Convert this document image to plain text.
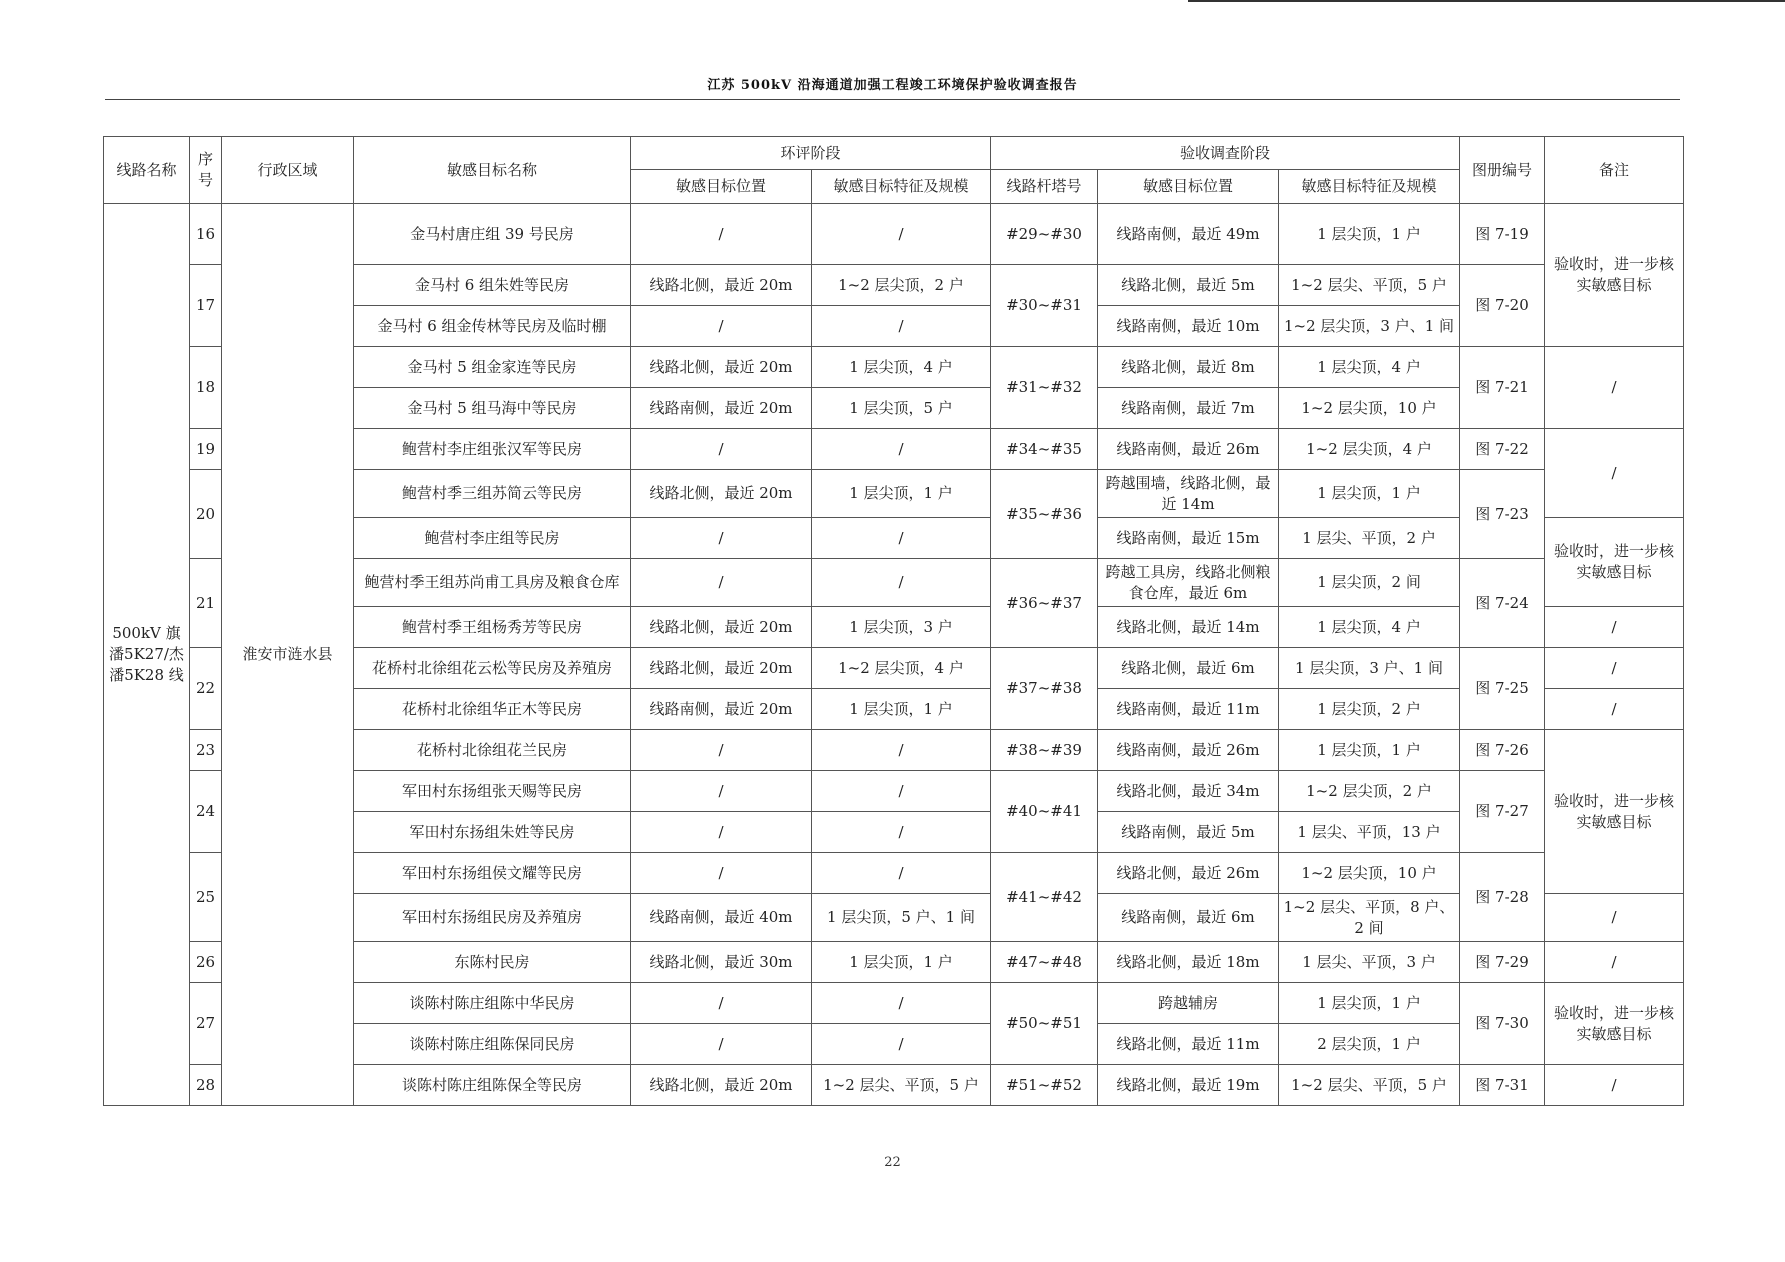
江苏 500kV 沿海通道加强工程竣工环境保护验收调查报告
线路名称	序号	行政区域	敏感目标名称	环评阶段		验收调查阶段			图册编号	备注
				敏感目标位置	敏感目标特征及规模	线路杆塔号	敏感目标位置	敏感目标特征及规模		
500kV 旗潘5K27/杰潘5K28 线	16	淮安市涟水县	金马村唐庄组 39 号民房	/	/	#29~#30	线路南侧，最近 49m	1 层尖顶，1 户	图 7-19	验收时，进一步核实敏感目标
	17		金马村 6 组朱姓等民房	线路北侧，最近 20m	1~2 层尖顶，2 户	#30~#31	线路北侧，最近 5m	1~2 层尖、平顶，5 户	图 7-20	
			金马村 6 组金传林等民房及临时棚	/	/		线路南侧，最近 10m	1~2 层尖顶，3 户、1 间		
	18		金马村 5 组金家连等民房	线路北侧，最近 20m	1 层尖顶，4 户	#31~#32	线路北侧，最近 8m	1 层尖顶，4 户	图 7-21	/
			金马村 5 组马海中等民房	线路南侧，最近 20m	1 层尖顶，5 户		线路南侧，最近 7m	1~2 层尖顶，10 户		
	19		鲍营村李庄组张汉军等民房	/	/	#34~#35	线路南侧，最近 26m	1~2 层尖顶，4 户	图 7-22	/
	20		鲍营村季三组苏简云等民房	线路北侧，最近 20m	1 层尖顶，1 户	#35~#36	跨越围墙，线路北侧，最近 14m	1 层尖顶，1 户	图 7-23	
			鲍营村李庄组等民房	/	/		线路南侧，最近 15m	1 层尖、平顶，2 户		验收时，进一步核实敏感目标
	21		鲍营村季王组苏尚甫工具房及粮食仓库	/	/	#36~#37	跨越工具房，线路北侧粮食仓库，最近 6m	1 层尖顶，2 间	图 7-24	
			鲍营村季王组杨秀芳等民房	线路北侧，最近 20m	1 层尖顶，3 户		线路北侧，最近 14m	1 层尖顶，4 户		/
	22		花桥村北徐组花云松等民房及养殖房	线路北侧，最近 20m	1~2 层尖顶，4 户	#37~#38	线路北侧，最近 6m	1 层尖顶，3 户、1 间	图 7-25	/
			花桥村北徐组华正木等民房	线路南侧，最近 20m	1 层尖顶，1 户		线路南侧，最近 11m	1 层尖顶，2 户		/
	23		花桥村北徐组花兰民房	/	/	#38~#39	线路南侧，最近 26m	1 层尖顶，1 户	图 7-26	验收时，进一步核实敏感目标
	24		军田村东扬组张天赐等民房	/	/	#40~#41	线路北侧，最近 34m	1~2 层尖顶，2 户	图 7-27	
			军田村东扬组朱姓等民房	/	/		线路南侧，最近 5m	1 层尖、平顶，13 户		
	25		军田村东扬组侯文耀等民房	/	/	#41~#42	线路北侧，最近 26m	1~2 层尖顶，10 户	图 7-28	
			军田村东扬组民房及养殖房	线路南侧，最近 40m	1 层尖顶，5 户、1 间		线路南侧，最近 6m	1~2 层尖、平顶，8 户、2 间		/
	26		东陈村民房	线路北侧，最近 30m	1 层尖顶，1 户	#47~#48	线路北侧，最近 18m	1 层尖、平顶，3 户	图 7-29	/
	27		谈陈村陈庄组陈中华民房	/	/	#50~#51	跨越辅房	1 层尖顶，1 户	图 7-30	验收时，进一步核实敏感目标
			谈陈村陈庄组陈保同民房	/	/		线路北侧，最近 11m	2 层尖顶，1 户		
	28		谈陈村陈庄组陈保全等民房	线路北侧，最近 20m	1~2 层尖、平顶，5 户	#51~#52	线路北侧，最近 19m	1~2 层尖、平顶，5 户	图 7-31	/
22
